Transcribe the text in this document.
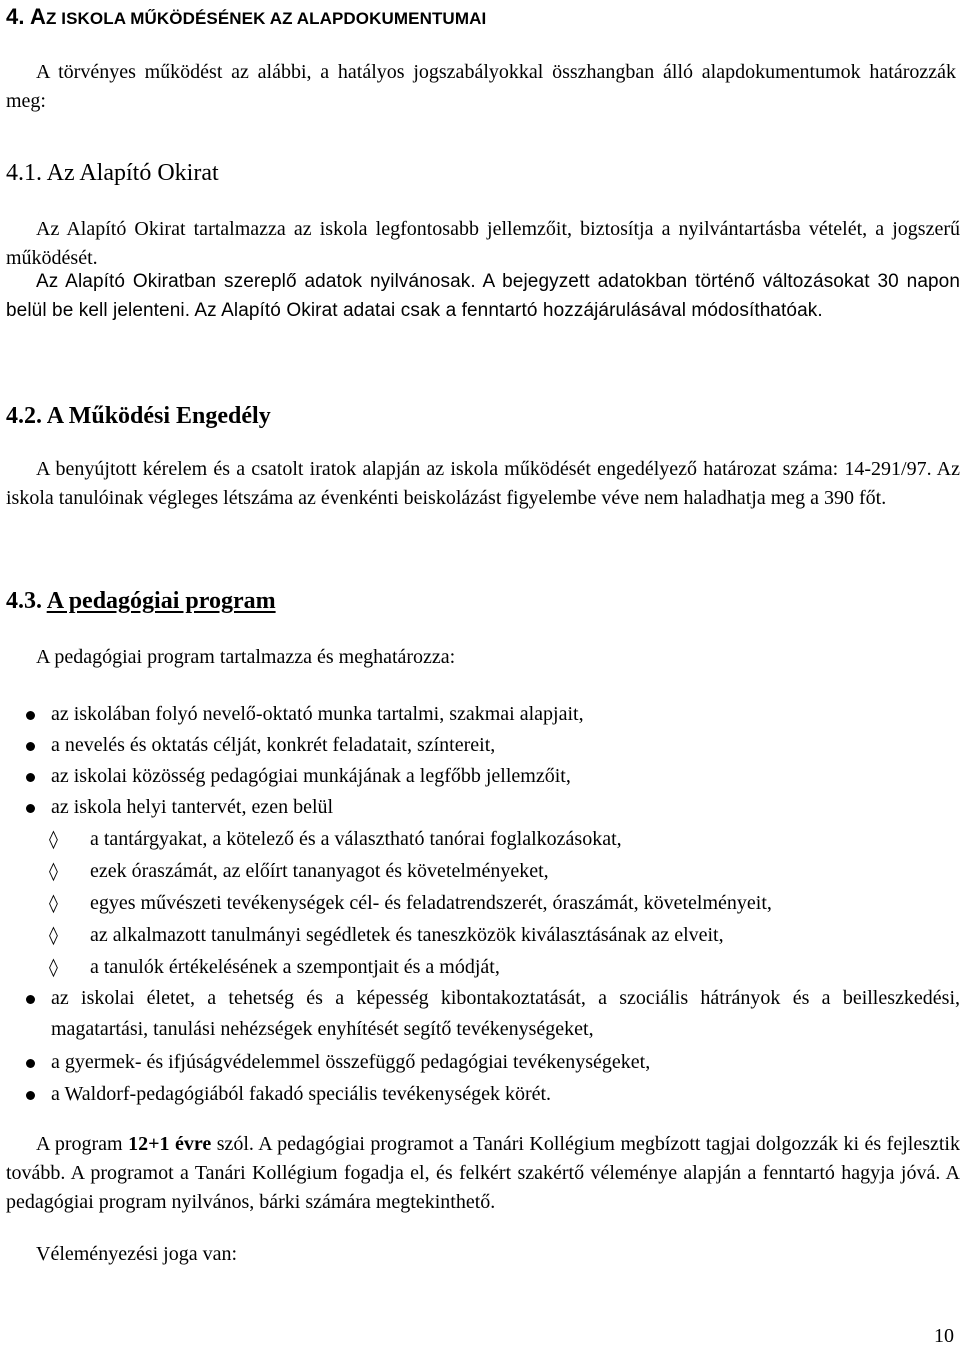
4. AZ ISKOLA MŰKÖDÉSÉNEK AZ ALAPDOKUMENTUMAI

A törvényes működést az alábbi, a hatályos jogszabályokkal összhangban álló alapdokumentumok határozzák meg:

4.1. Az Alapító Okirat

Az Alapító Okirat tartalmazza az iskola legfontosabb jellemzőit, biztosítja a nyilvántartásba vételét, a jogszerű működését.

Az Alapító Okiratban szereplő adatok nyilvánosak. A bejegyzett adatokban történő változásokat 30 napon belül be kell jelenteni. Az Alapító Okirat adatai csak a fenntartó hozzájárulásával módosíthatóak.

4.2. A Működési Engedély

A benyújtott kérelem és a csatolt iratok alapján az iskola működését engedélyező határozat száma: 14-291/97. Az iskola tanulóinak végleges létszáma az évenkénti beiskolázást figyelembe véve nem haladhatja meg a 390 főt.

4.3. A pedagógiai program

A pedagógiai program tartalmazza és meghatározza:

az iskolában folyó nevelő-oktató munka tartalmi, szakmai alapjait,
a nevelés és oktatás célját, konkrét feladatait, színtereit,
az iskolai közösség pedagógiai munkájának a legfőbb jellemzőit,
az iskola helyi tantervét, ezen belül
◊ a tantárgyakat, a kötelező és a választható tanórai foglalkozásokat,
◊ ezek óraszámát, az előírt tananyagot és követelményeket,
◊ egyes művészeti tevékenységek cél- és feladatrendszerét, óraszámát, követelményeit,
◊ az alkalmazott tanulmányi segédletek és taneszközök kiválasztásának az elveit,
◊ a tanulók értékelésének a szempontjait és a módját,
az iskolai életet, a tehetség és a képesség kibontakoztatását, a szociális hátrányok és a beilleszkedési, magatartási, tanulási nehézségek enyhítését segítő tevékenységeket,
a gyermek- és ifjúságvédelemmel összefüggő pedagógiai tevékenységeket,
a Waldorf-pedagógiából fakadó speciális tevékenységek körét.

A program 12+1 évre szól. A pedagógiai programot a Tanári Kollégium megbízott tagjai dolgozzák ki és fejlesztik tovább. A programot a Tanári Kollégium fogadja el, és felkért szakértő véleménye alapján a fenntartó hagyja jóvá. A pedagógiai program nyilvános, bárki számára megtekinthető.

Véleményezési joga van:

10
